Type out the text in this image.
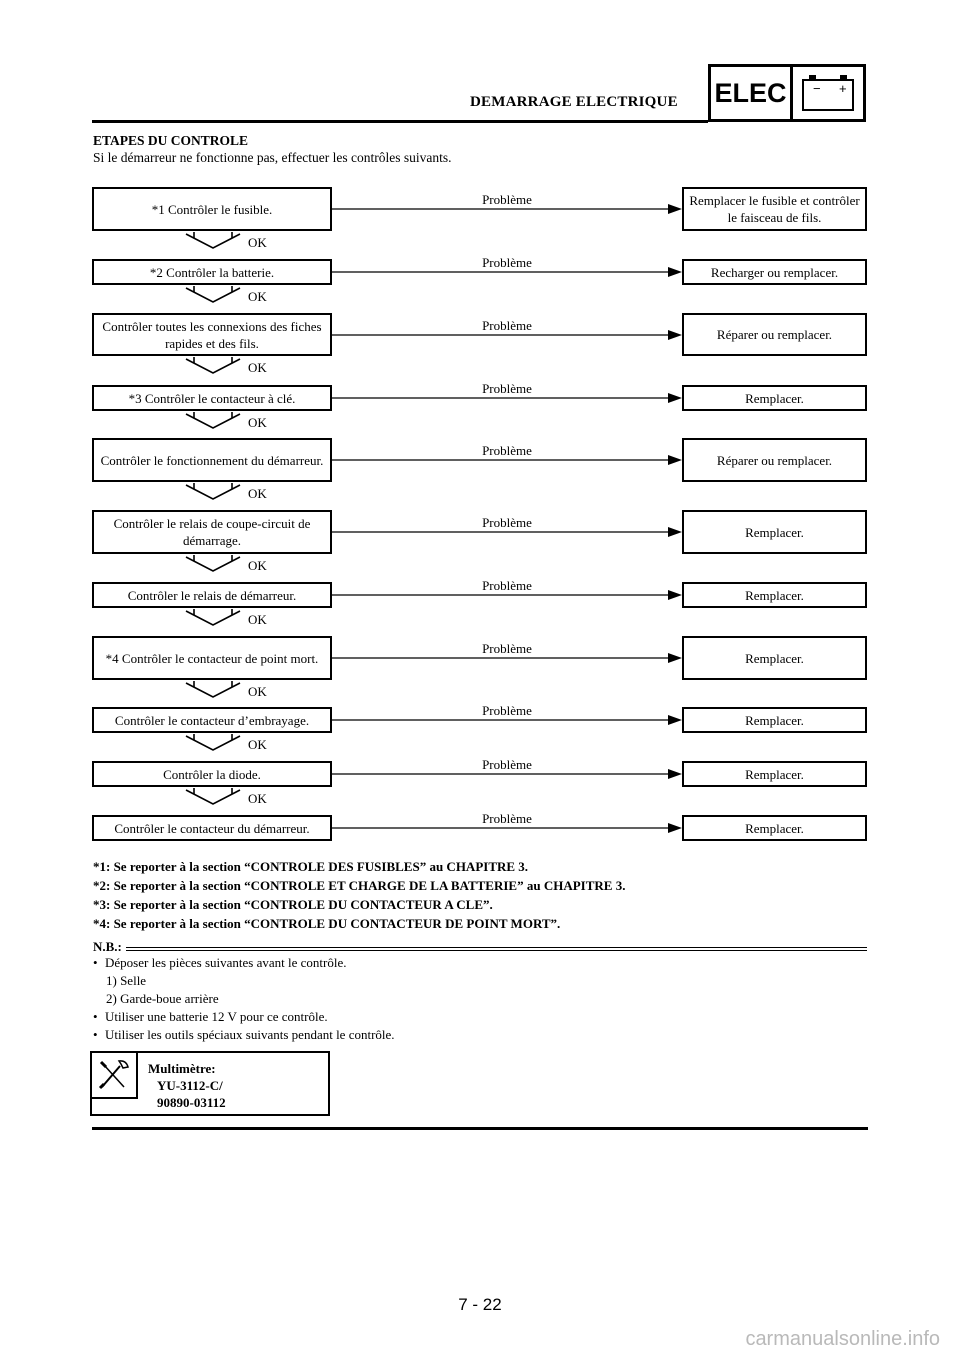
DEMARRAGE ELECTRIQUE	ELEC	− +
ETAPES DU CONTROLE
Si le démarreur ne fonctionne pas, effectuer les contrôles suivants.
*1 Contrôler le fusible.
Remplacer le fusible et contrôler le faisceau de fils.
Problème
OK
*2 Contrôler la batterie.	Recharger ou remplacer.
Problème
OK
Contrôler toutes les connexions des fiches rapides et des fils.
Réparer ou remplacer.
Problème
OK
*3 Contrôler le contacteur à clé.	Remplacer.
Problème
OK
Contrôler le fonctionnement du démarreur.	Réparer ou remplacer.
Problème
OK
Contrôler le relais de coupe-circuit de démarrage.
Remplacer.
Problème
OK
Contrôler le relais de démarreur.	Remplacer.
Problème
OK
*4 Contrôler le contacteur de point mort.	Remplacer.
Problème
OK
Contrôler le contacteur d’embrayage.	Remplacer.
Problème
OK
Contrôler la diode.	Remplacer.
Problème
OK
Contrôler le contacteur du démarreur.	Remplacer.
Problème
*1: Se reporter à la section “CONTROLE DES FUSIBLES” au CHAPITRE 3.
*2: Se reporter à la section “CONTROLE ET CHARGE DE LA BATTERIE” au CHAPITRE 3.
*3: Se reporter à la section “CONTROLE DU CONTACTEUR A CLE”.
*4: Se reporter à la section “CONTROLE DU CONTACTEUR DE POINT MORT”.
N.B.:
• Déposer les pièces suivantes avant le contrôle.
1) Selle
2) Garde-boue arrière
• Utiliser une batterie 12 V pour ce contrôle.
• Utiliser les outils spéciaux suivants pendant le contrôle.
Multimètre:
YU-3112-C/
90890-03112
7 - 22
carmanualsonline.info
